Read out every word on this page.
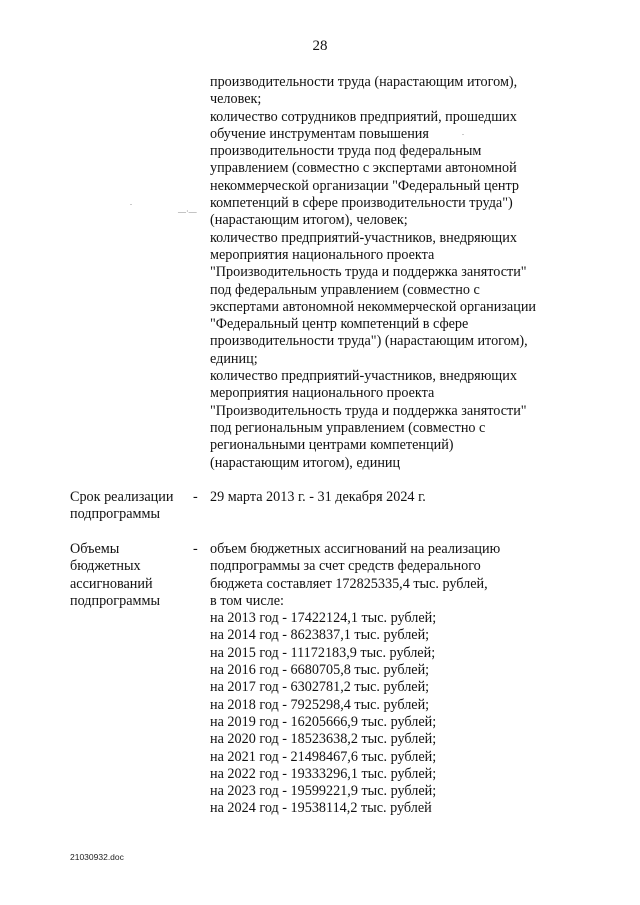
28
производительности труда (нарастающим итогом),
человек;
количество сотрудников предприятий, прошедших
обучение инструментам повышения
производительности труда под федеральным
управлением (совместно с экспертами автономной
некоммерческой организации "Федеральный центр
компетенций в сфере производительности труда")
(нарастающим итогом), человек;
количество предприятий-участников, внедряющих
мероприятия национального проекта
"Производительность труда и поддержка занятости"
под федеральным управлением (совместно с
экспертами автономной некоммерческой организации
"Федеральный центр компетенций в сфере
производительности труда") (нарастающим итогом),
единиц;
количество предприятий-участников, внедряющих
мероприятия национального проекта
"Производительность труда и поддержка занятости"
под региональным управлением (совместно с
региональными центрами компетенций)
(нарастающим итогом), единиц
Срок реализации
подпрограммы
- 29 марта 2013 г. - 31 декабря 2024 г.
Объемы
бюджетных
ассигнований
подпрограммы
- объем бюджетных ассигнований на реализацию
подпрограммы за счет средств федерального
бюджета составляет 172825335,4 тыс. рублей,
в том числе:
на 2013 год - 17422124,1 тыс. рублей;
на 2014 год - 8623837,1 тыс. рублей;
на 2015 год - 11172183,9 тыс. рублей;
на 2016 год - 6680705,8 тыс. рублей;
на 2017 год - 6302781,2 тыс. рублей;
на 2018 год - 7925298,4 тыс. рублей;
на 2019 год - 16205666,9 тыс. рублей;
на 2020 год - 18523638,2 тыс. рублей;
на 2021 год - 21498467,6 тыс. рублей;
на 2022 год - 19333296,1 тыс. рублей;
на 2023 год - 19599221,9 тыс. рублей;
на 2024 год - 19538114,2 тыс. рублей
—·—
.
.
21030932.doc
